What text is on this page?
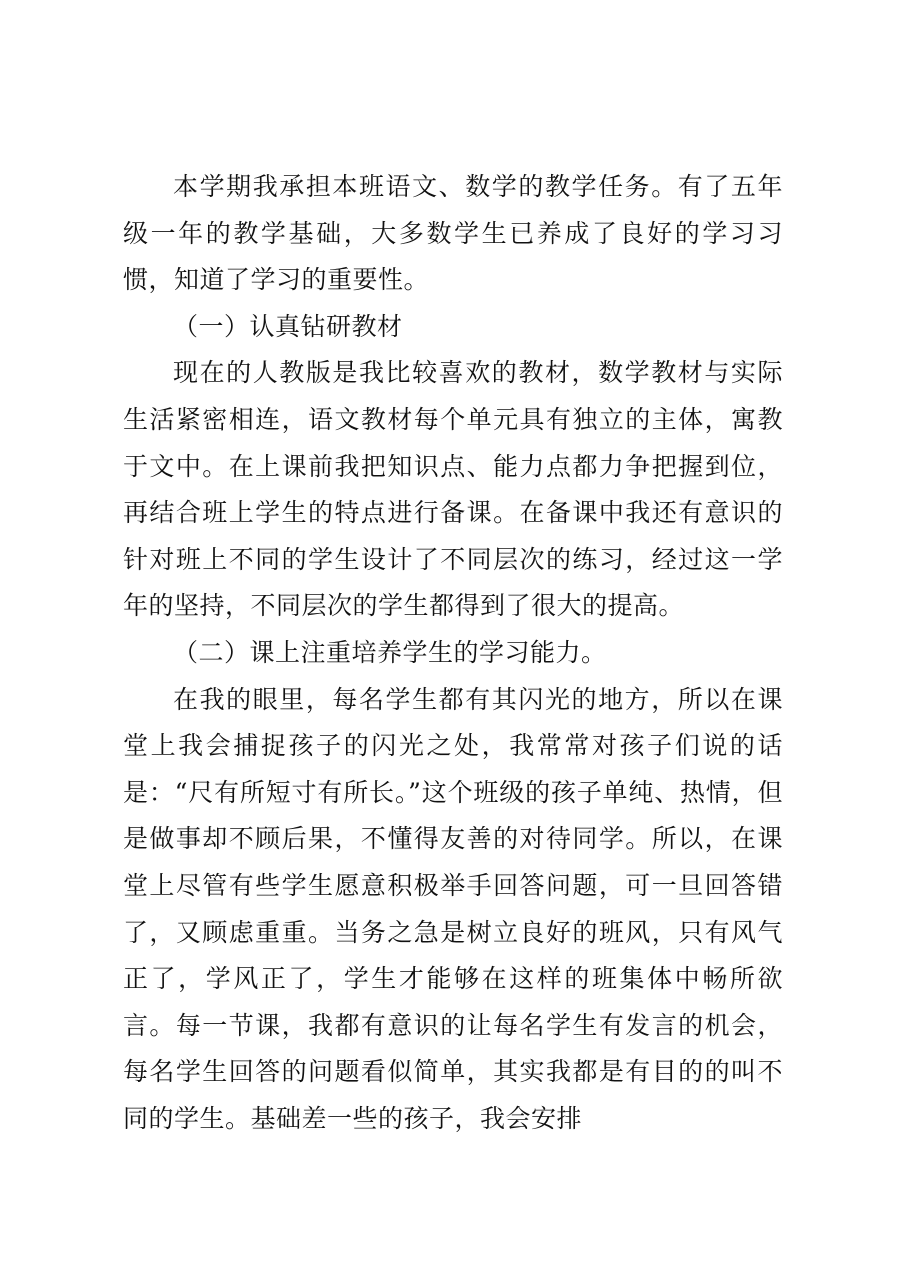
本学期我承担本班语文、数学的教学任务。有了五年级一年的教学基础，大多数学生已养成了良好的学习习惯，知道了学习的重要性。

（一）认真钻研教材

现在的人教版是我比较喜欢的教材，数学教材与实际生活紧密相连，语文教材每个单元具有独立的主体，寓教于文中。在上课前我把知识点、能力点都力争把握到位，再结合班上学生的特点进行备课。在备课中我还有意识的针对班上不同的学生设计了不同层次的练习，经过这一学年的坚持，不同层次的学生都得到了很大的提高。

（二）课上注重培养学生的学习能力。

在我的眼里，每名学生都有其闪光的地方，所以在课堂上我会捕捉孩子的闪光之处，我常常对孩子们说的话是：“尺有所短寸有所长。”这个班级的孩子单纯、热情，但是做事却不顾后果，不懂得友善的对待同学。所以，在课堂上尽管有些学生愿意积极举手回答问题，可一旦回答错了，又顾虑重重。当务之急是树立良好的班风，只有风气正了，学风正了，学生才能够在这样的班集体中畅所欲言。每一节课，我都有意识的让每名学生有发言的机会，每名学生回答的问题看似简单，其实我都是有目的的叫不同的学生。基础差一些的孩子，我会安排
